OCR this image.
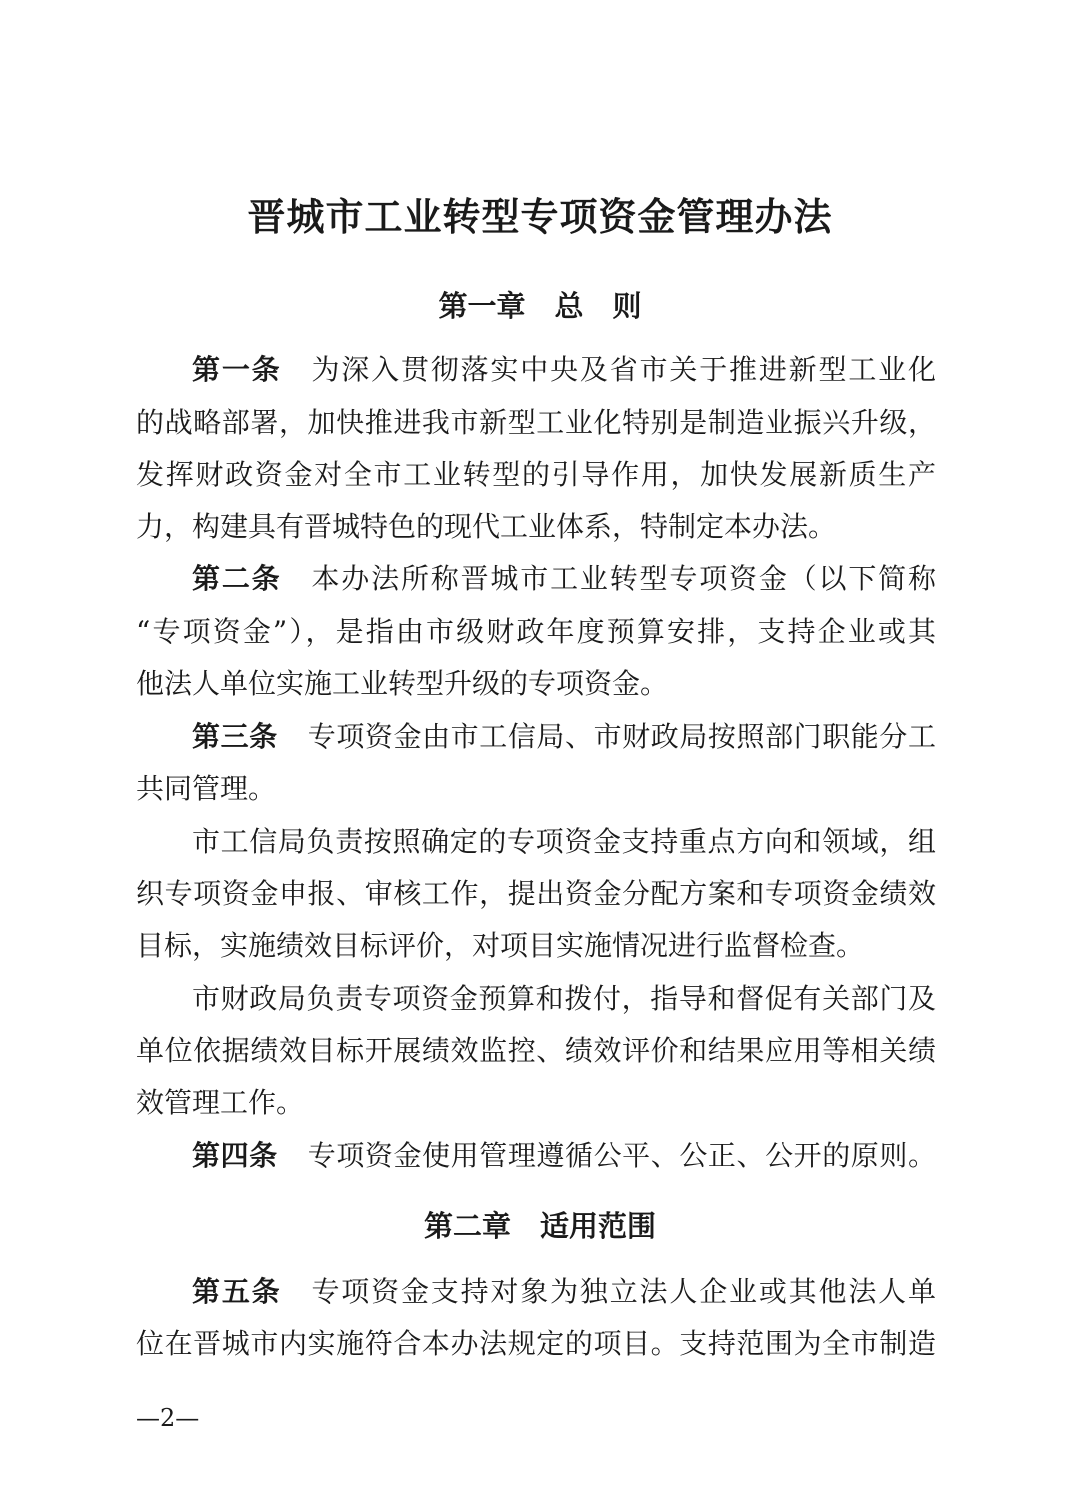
晋城市工业转型专项资金管理办法
第一章　总　则
第一条 为深入贯彻落实中央及省市关于推进新型工业化
的战略部署，加快推进我市新型工业化特别是制造业振兴升级，
发挥财政资金对全市工业转型的引导作用，加快发展新质生产
力，构建具有晋城特色的现代工业体系，特制定本办法。
第二条 本办法所称晋城市工业转型专项资金（以下简称
“专项资金”），是指由市级财政年度预算安排，支持企业或其
他法人单位实施工业转型升级的专项资金。
第三条 专项资金由市工信局、市财政局按照部门职能分工
共同管理。
市工信局负责按照确定的专项资金支持重点方向和领域，组
织专项资金申报、审核工作，提出资金分配方案和专项资金绩效
目标，实施绩效目标评价，对项目实施情况进行监督检查。
市财政局负责专项资金预算和拨付，指导和督促有关部门及
单位依据绩效目标开展绩效监控、绩效评价和结果应用等相关绩
效管理工作。
第四条 专项资金使用管理遵循公平、公正、公开的原则。
第二章　适用范围
第五条 专项资金支持对象为独立法人企业或其他法人单
位在晋城市内实施符合本办法规定的项目。支持范围为全市制造
—2—
